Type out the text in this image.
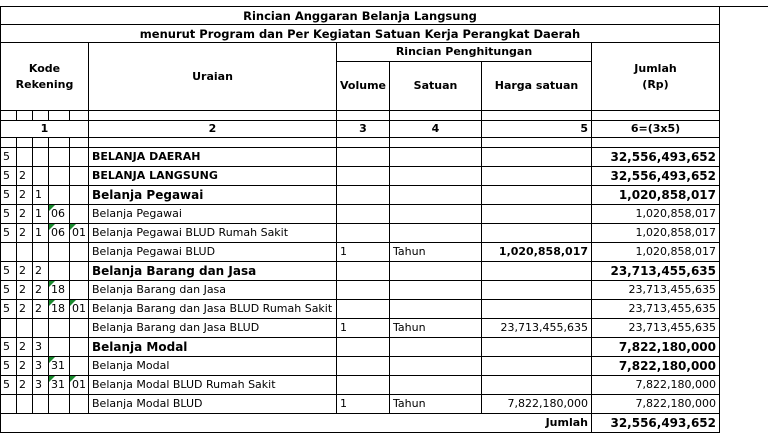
Rincian Anggaran Belanja Langsung									
menurut Program dan Per Kegiatan Satuan Kerja Perangkat Daerah									
Kode
Rekening					Uraian	Rincian Penghitungan			Jumlah
(Rp)
						Volume	Satuan	Harga satuan	

1					2	3	4	5	6=(3x5)

5					BELANJA DAERAH				32,556,493,652
5	2				BELANJA LANGSUNG				32,556,493,652
5	2	1			Belanja Pegawai				1,020,858,017
5	2	1	06		Belanja Pegawai				1,020,858,017
5	2	1	06	01	Belanja Pegawai BLUD Rumah Sakit				1,020,858,017
					Belanja Pegawai BLUD	1	Tahun	1,020,858,017	1,020,858,017
5	2	2			Belanja Barang dan Jasa				23,713,455,635
5	2	2	18		Belanja Barang dan Jasa				23,713,455,635
5	2	2	18	01	Belanja Barang dan Jasa BLUD Rumah Sakit				23,713,455,635
					Belanja Barang dan Jasa BLUD	1	Tahun	23,713,455,635	23,713,455,635
5	2	3			Belanja Modal				7,822,180,000
5	2	3	31		Belanja Modal				7,822,180,000
5	2	3	31	01	Belanja Modal BLUD Rumah Sakit				7,822,180,000
					Belanja Modal BLUD	1	Tahun	7,822,180,000	7,822,180,000
Jumlah									32,556,493,652
